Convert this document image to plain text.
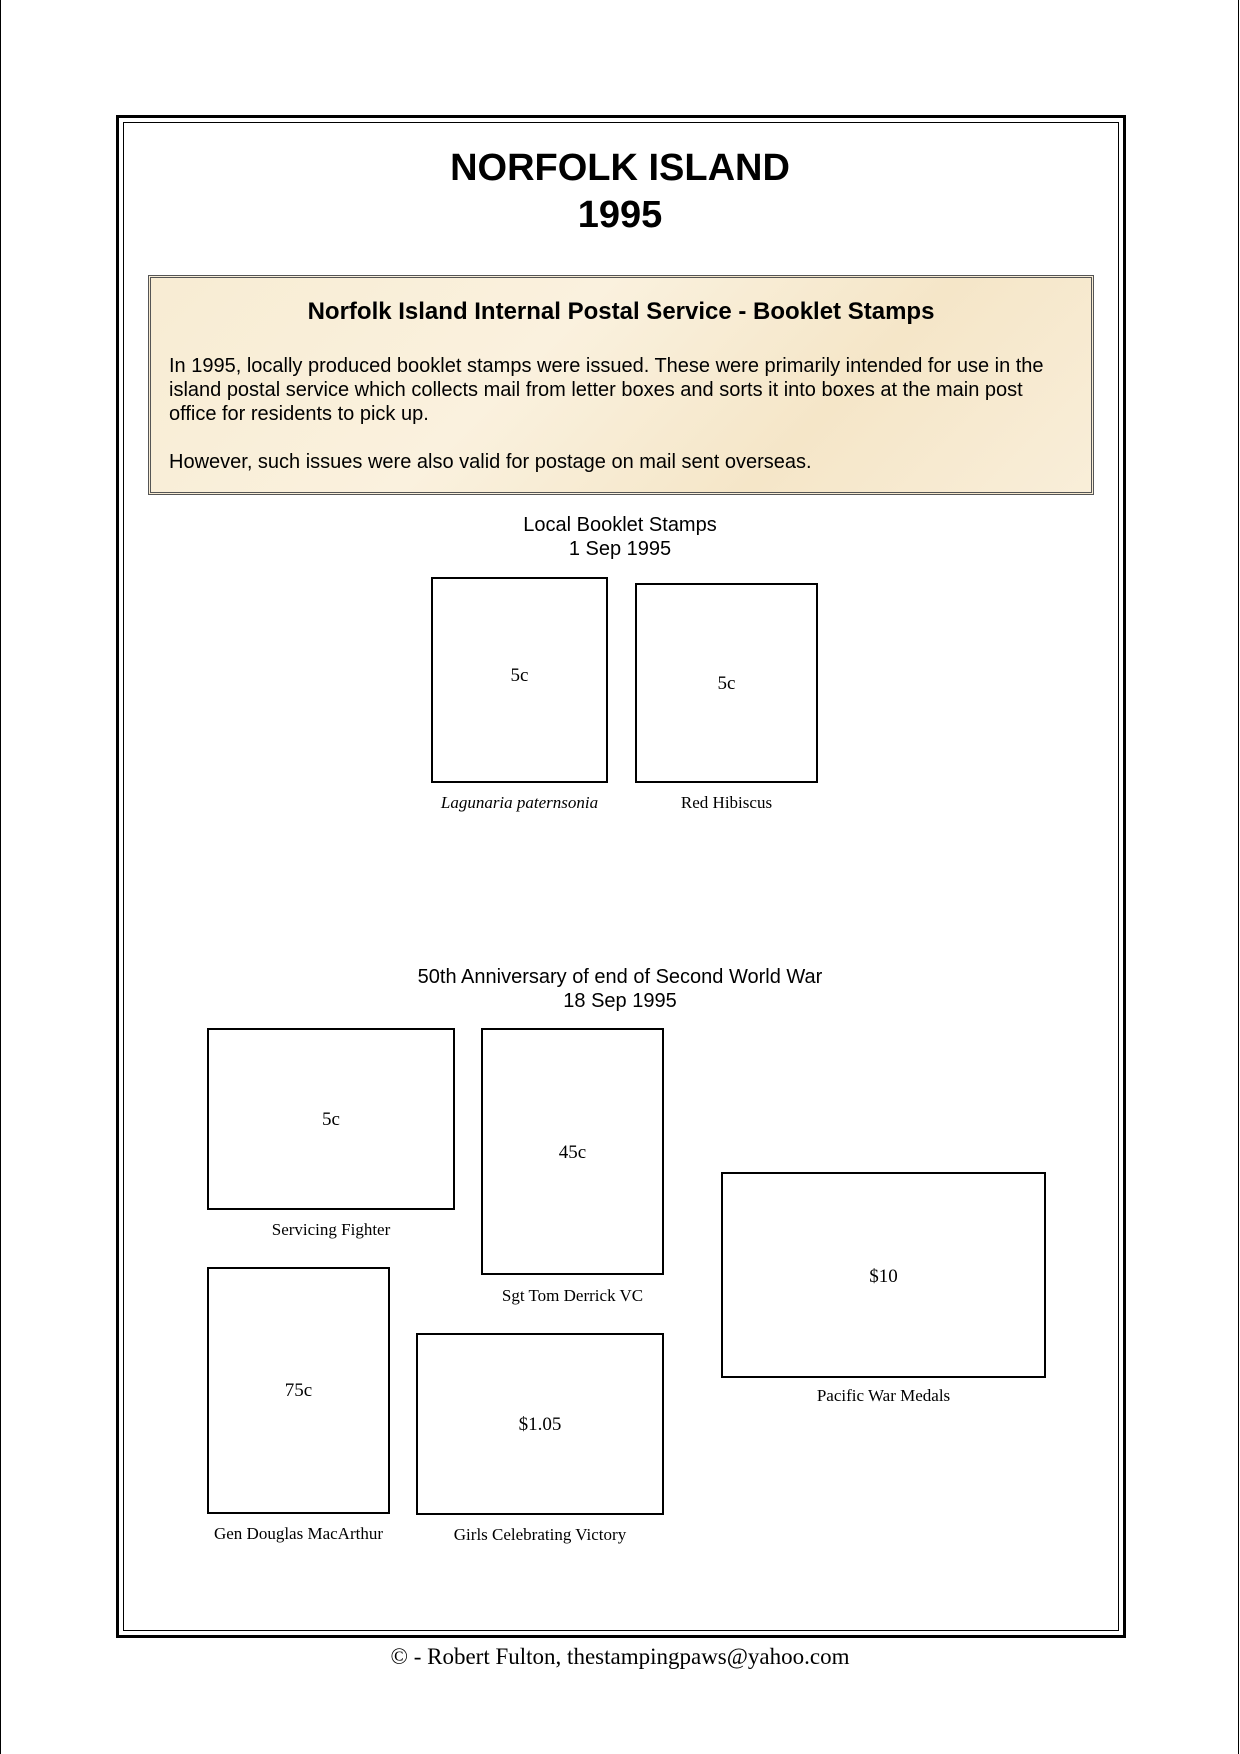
NORFOLK ISLAND
1995
Norfolk Island Internal Postal Service - Booklet Stamps
In 1995, locally produced booklet stamps were issued. These were primarily intended for use in the island postal service which collects mail from letter boxes and sorts it into boxes at the main post office for residents to pick up.
However, such issues were also valid for postage on mail sent overseas.
Local Booklet Stamps
1 Sep 1995
5c
Lagunaria paternsonia
5c
Red Hibiscus
50th Anniversary of end of Second World War
18 Sep 1995
5c
Servicing Fighter
45c
Sgt Tom Derrick VC
$10
Pacific War Medals
75c
Gen Douglas MacArthur
$1.05
Girls Celebrating Victory
© - Robert Fulton, thestampingpaws@yahoo.com
